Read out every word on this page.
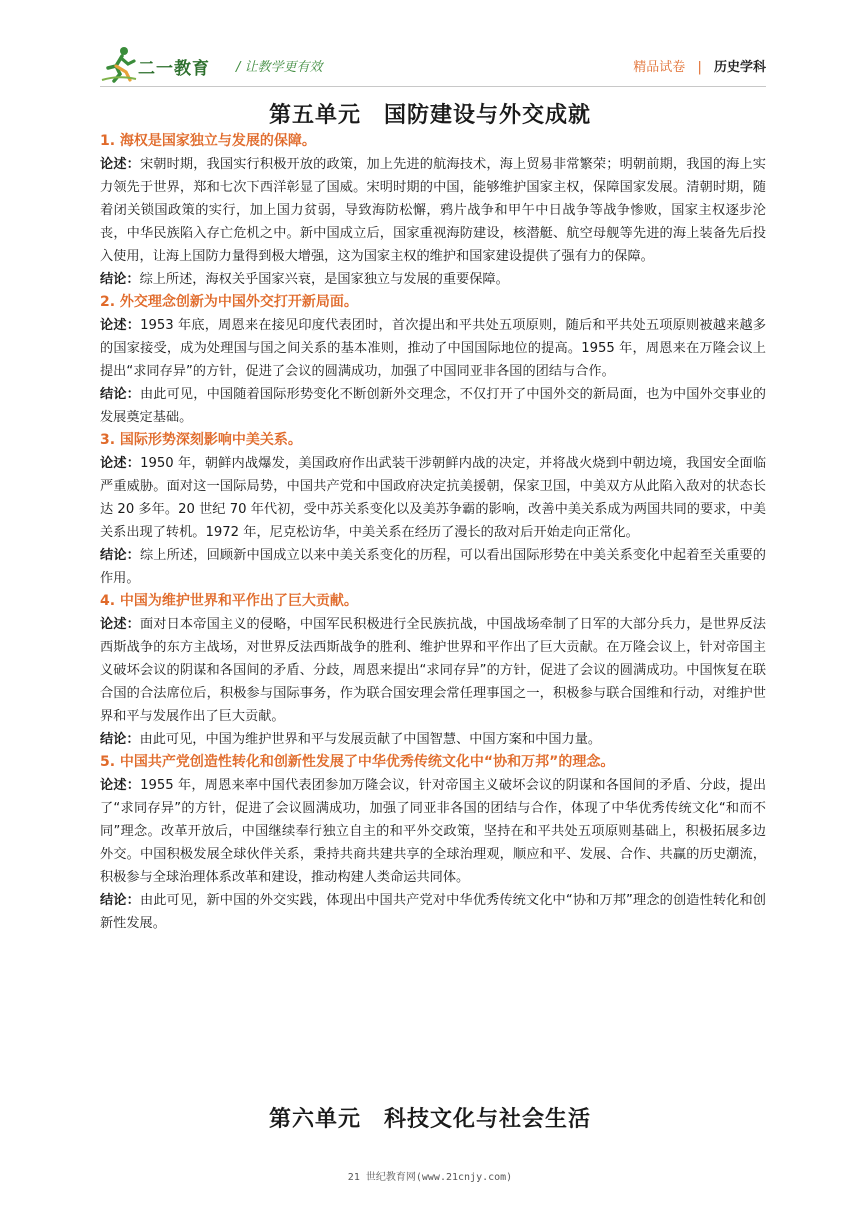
二一教育 / 让教学更有效	精品试卷 | 历史学科
第五单元　国防建设与外交成就

1. 海权是国家独立与发展的保障。

论述：宋朝时期，我国实行积极开放的政策，加上先进的航海技术，海上贸易非常繁荣；明朝前期，我国的海上实力领先于世界，郑和七次下西洋彰显了国威。宋明时期的中国，能够维护国家主权，保障国家发展。清朝时期，随着闭关锁国政策的实行，加上国力贫弱，导致海防松懈，鸦片战争和甲午中日战争等战争惨败，国家主权逐步沦丧，中华民族陷入存亡危机之中。新中国成立后，国家重视海防建设，核潜艇、航空母舰等先进的海上装备先后投入使用，让海上国防力量得到极大增强，这为国家主权的维护和国家建设提供了强有力的保障。

结论：综上所述，海权关乎国家兴衰，是国家独立与发展的重要保障。

2. 外交理念创新为中国外交打开新局面。

论述：1953 年底，周恩来在接见印度代表团时，首次提出和平共处五项原则，随后和平共处五项原则被越来越多的国家接受，成为处理国与国之间关系的基本准则，推动了中国国际地位的提高。1955 年，周恩来在万隆会议上提出“求同存异”的方针，促进了会议的圆满成功，加强了中国同亚非各国的团结与合作。

结论：由此可见，中国随着国际形势变化不断创新外交理念，不仅打开了中国外交的新局面，也为中国外交事业的发展奠定基础。

3. 国际形势深刻影响中美关系。

论述：1950 年，朝鲜内战爆发，美国政府作出武装干涉朝鲜内战的决定，并将战火烧到中朝边境，我国安全面临严重威胁。面对这一国际局势，中国共产党和中国政府决定抗美援朝，保家卫国，中美双方从此陷入敌对的状态长达 20 多年。20 世纪 70 年代初，受中苏关系变化以及美苏争霸的影响，改善中美关系成为两国共同的要求，中美关系出现了转机。1972 年，尼克松访华，中美关系在经历了漫长的敌对后开始走向正常化。

结论：综上所述，回顾新中国成立以来中美关系变化的历程，可以看出国际形势在中美关系变化中起着至关重要的作用。

4. 中国为维护世界和平作出了巨大贡献。

论述：面对日本帝国主义的侵略，中国军民积极进行全民族抗战，中国战场牵制了日军的大部分兵力，是世界反法西斯战争的东方主战场，对世界反法西斯战争的胜利、维护世界和平作出了巨大贡献。在万隆会议上，针对帝国主义破坏会议的阴谋和各国间的矛盾、分歧，周恩来提出“求同存异”的方针，促进了会议的圆满成功。中国恢复在联合国的合法席位后，积极参与国际事务，作为联合国安理会常任理事国之一，积极参与联合国维和行动，对维护世界和平与发展作出了巨大贡献。

结论：由此可见，中国为维护世界和平与发展贡献了中国智慧、中国方案和中国力量。

5. 中国共产党创造性转化和创新性发展了中华优秀传统文化中“协和万邦”的理念。

论述：1955 年，周恩来率中国代表团参加万隆会议，针对帝国主义破坏会议的阴谋和各国间的矛盾、分歧，提出了“求同存异”的方针，促进了会议圆满成功，加强了同亚非各国的团结与合作，体现了中华优秀传统文化“和而不同”理念。改革开放后，中国继续奉行独立自主的和平外交政策，坚持在和平共处五项原则基础上，积极拓展多边外交。中国积极发展全球伙伴关系，秉持共商共建共享的全球治理观，顺应和平、发展、合作、共赢的历史潮流，积极参与全球治理体系改革和建设，推动构建人类命运共同体。

结论：由此可见，新中国的外交实践，体现出中国共产党对中华优秀传统文化中“协和万邦”理念的创造性转化和创新性发展。

第六单元　科技文化与社会生活
21 世纪教育网(www.21cnjy.com)
